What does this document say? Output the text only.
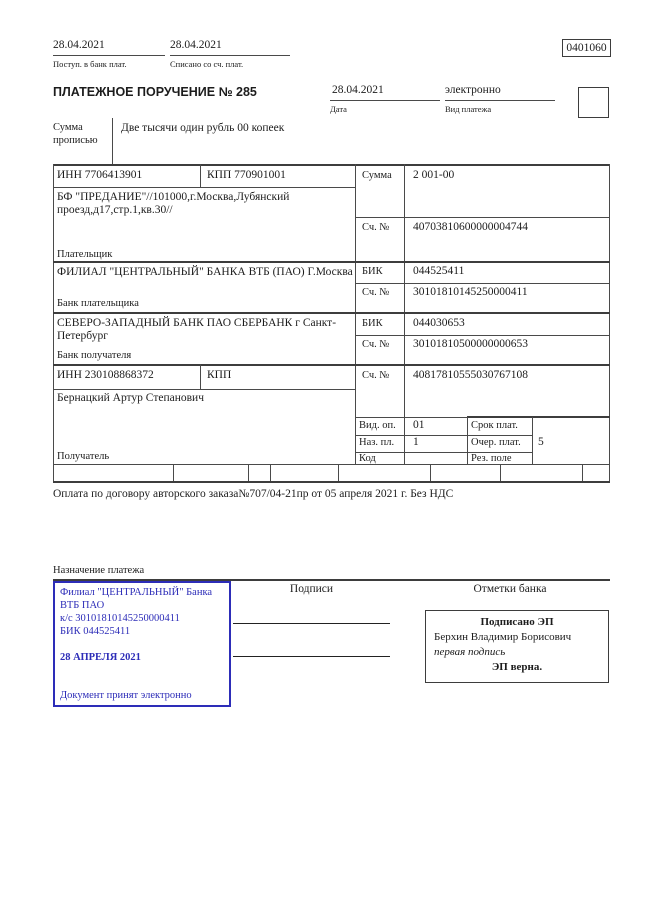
28.04.2021
Поступ. в банк плат.
28.04.2021
Списано со сч. плат.
0401060
ПЛАТЕЖНОЕ ПОРУЧЕНИЕ № 285	28.04.2021
Дата
электронно
Вид платежа
Сумма прописью
Две тысячи один рубль 00 копеек
ИНН 7706413901	КПП 770901001
БФ "ПРЕДАНИЕ"//101000,г.Москва,Лубянский проезд,д17,стр.1,кв.30//
Плательщик
Сумма 2 001-00
Сч. № 40703810600000004744
ФИЛИАЛ "ЦЕНТРАЛЬНЫЙ" БАНКА ВТБ (ПАО) Г.Москва
Банк плательщика
БИК	044525411
Сч. № 30101810145250000411
СЕВЕРО-ЗАПАДНЫЙ БАНК ПАО СБЕРБАНК г Санкт-Петербург
Банк получателя
БИК	044030653
Сч. № 30101810500000000653
ИНН 230108868372	КПП
Бернацкий Артур Степанович
Получатель
Сч. № 40817810555030767108
Вид. оп. 01	Срок плат.
Наз. пл. 1	Очер. плат. 5
Код	Рез. поле
Оплата по договору авторского заказа№707/04-21пр от 05 апреля 2021 г. Без НДС
Назначение платежа
Филиал "ЦЕНТРАЛЬНЫЙ" Банка
ВТБ ПАО
к/с 30101810145250000411
БИК 044525411
28 АПРЕЛЯ 2021
Документ принят электронно
Подписи	Отметки банка
Подписано ЭП
Берхин Владимир Борисович
первая подпись
ЭП верна.
